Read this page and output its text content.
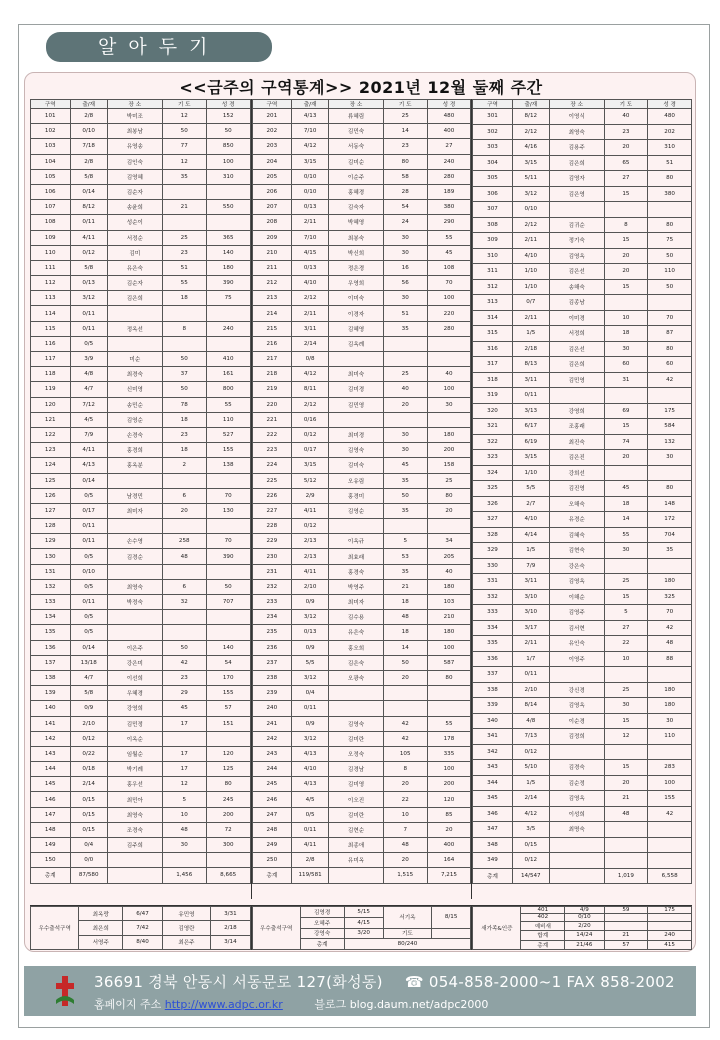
알 아 두 기
<<금주의 구역통계>> 2021년 12월 둘째 주간
구역	출/재	장 소	기 도	성 경
101	2/8	박미조	12	152
102	0/10	최봉남	50	50
103	7/18	유영송	77	850
104	2/8	김인숙	12	100
105	5/8	김영혜	35	310
106	0/14	김순자		
107	8/12	송윤희	21	550
108	0/11	성순이		
109	4/11	서정순	25	365
110	0/12	김미	23	140
111	5/8	유은숙	51	180
112	0/13	김순자	55	390
113	3/12	김은희	18	75
114	0/11			
115	0/11	정옥선	8	240
116	0/5			
117	3/9	미순	50	410
118	4/8	최경숙	37	161
119	4/7	신미영	50	800
120	7/12	송민순	78	55
121	4/5	김영순	18	110
122	7/9	손경숙	23	527
123	4/11	홍경희	18	155
124	4/13	홍옥분	2	138
125	0/14			
126	0/5	남경민	6	70
127	0/17	최미자	20	130
128	0/11			
129	0/11	손수영	258	70
130	0/5	김경순	48	390
131	0/10			
132	0/5	최영숙	6	50
133	0/11	박정숙	32	707
134	0/5			
135	0/5			
136	0/14	이은주	50	140
137	13/18	강은미	42	54
138	4/7	이선희	23	170
139	5/8	우혜경	29	155
140	0/9	강영희	45	57
141	2/10	김민정	17	151
142	0/12	이옥순		
143	0/22	임월순	17	120
144	0/18	박기례	17	125
145	2/14	홍우선	12	80
146	0/15	최민아	5	245
147	0/15	최영숙	10	200
148	0/15	조경숙	48	72
149	0/4	김주희	30	300
150	0/0			
총계	87/580		1,456	8,665
구역	출/재	장 소	기 도	성 경
201	4/13	류혜림	25	480
202	7/10	김민숙	14	400
203	4/12	서동숙	23	27
204	3/15	김미순	80	240
205	0/10	이순주	58	280
206	0/10	홍혜경	28	189
207	0/13	김숙자	54	380
208	2/11	박혜영	24	290
209	7/10	최봉숙	30	55
210	4/15	박신희	30	45
211	0/13	정은경	16	108
212	4/10	우영희	56	70
213	2/12	이미숙	30	100
214	2/11	이경자	51	220
215	3/11	김혜영	35	280
216	2/14	김옥례		
217	0/8			
218	4/12	최미숙	25	40
219	8/11	김미경	40	100
220	2/12	김민영	20	30
221	0/16			
222	0/12	최미경	30	180
223	0/17	김영숙	30	200
224	3/15	김미숙	45	158
225	5/12	오유림	35	25
226	2/9	홍경미	50	80
227	4/11	김영순	35	20
228	0/12			
229	2/13	이옥규	5	34
230	2/13	최효래	53	205
231	4/11	홍경숙	35	40
232	2/10	박영주	21	180
233	0/9	최미자	18	103
234	3/12	김수용	48	210
235	0/13	유은숙	18	180
236	0/9	홍오희	14	100
237	5/5	김은숙	50	587
238	3/12	오광숙	20	80
239	0/4			
240	0/11			
241	0/9	김영숙	42	55
242	3/12	김미란	42	178
243	4/13	오정숙	105	335
244	4/10	김경남	8	100
245	4/13	김미영	20	200
246	4/5	이오진	22	120
247	0/5	김미란	10	85
248	0/11	김현순	7	20
249	4/11	최종애	48	400
250	2/8	유미옥	20	164
총계	119/581		1,515	7,215
구역	출/재	장 소	기 도	성 경
301	8/12	이영식	40	480
302	2/12	최영숙	23	202
303	4/16	김용주	20	310
304	3/15	김은희	65	51
305	5/11	김영자	27	80
306	3/12	김은영	15	380
307	0/10			
308	2/12	김귀순	8	80
309	2/11	정기숙	15	75
310	4/10	김영옥	20	50
311	1/10	김은선	20	110
312	1/10	송해숙	15	50
313	0/7	김종남		
314	2/11	이미경	10	70
315	1/5	서정희	18	87
316	2/18	김은선	30	80
317	8/13	김은희	60	60
318	3/11	김민영	31	42
319	0/11			
320	3/13	강영희	69	175
321	6/17	조홍래	15	584
322	6/19	최진숙	74	132
323	3/15	김은진	20	30
324	1/10	강희선		
325	5/5	김진영	45	80
326	2/7	오해숙	18	148
327	4/10	유경순	14	172
328	4/14	김혜숙	55	704
329	1/5	김현숙	30	35
330	7/9	강은숙		
331	3/11	김영옥	25	180
332	3/10	이해순	15	325
333	3/10	김영주	5	70
334	3/17	김서현	27	42
335	2/11	유인숙	22	48
336	1/7	이영주	10	88
337	0/11			
338	2/10	강신경	25	180
339	8/14	김영옥	30	180
340	4/8	이순경	15	30
341	7/13	김정희	12	110
342	0/12			
343	5/10	김경숙	15	283
344	1/5	김순정	20	100
345	2/14	김영옥	21	155
346	4/12	이성희	48	42
347	3/5	최명숙		
348	0/15			
349	0/12			
총계	14/547		1,019	6,558
우수출석구역	최옥랑	6/47	유민영	3/31
	최은희	7/42	김영란	2/18
	서영주	8/40	최은주	3/14
우수출석구역	김영경	5/15	서기옥	8/15
	오혜주	4/15		
	강영숙	3/20	기도	
	총계	80/240		
새가족&인증	401	4/9	59	175
	402	0/10		
	예비새	2/20		
	합계	14/24	21	240
	총계	21/46	57	415
36691 경북 안동시 서동문로 127(화성동) ☎ 054-858-2000~1 FAX 858-2002
홈페이지 주소 http://www.adpc.or.kr	블로그 blog.daum.net/adpc2000
